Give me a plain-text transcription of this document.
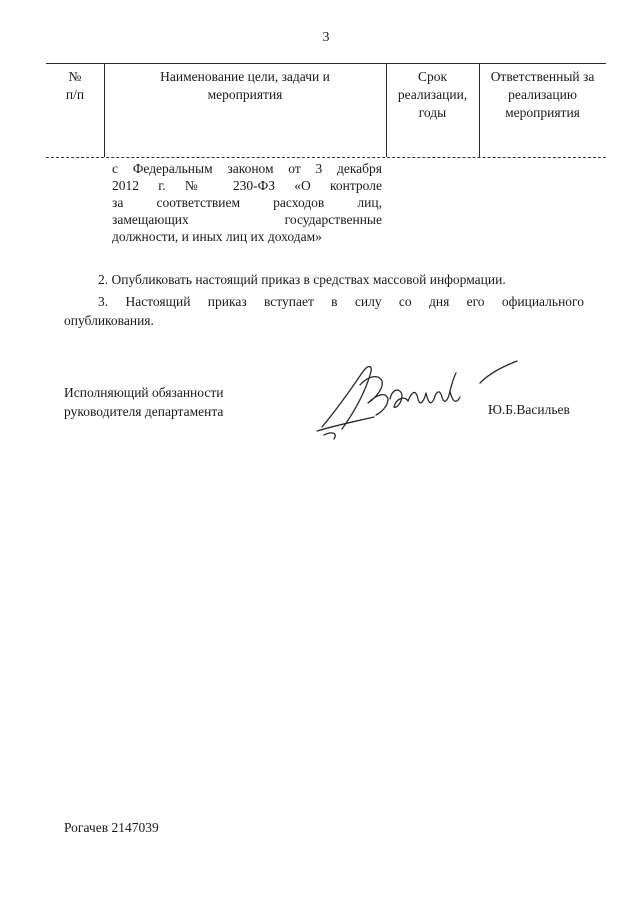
3
№
п/п
Наименование цели, задачи и
мероприятия
Срок
реализации,
годы
Ответственный за
реализацию
мероприятия
с Федеральным законом от 3 декабря
2012 г. № 230-ФЗ «О контроле
за соответствием расходов лиц,
замещающих государственные
должности, и иных лиц их доходам»
2. Опубликовать настоящий приказ в средствах массовой информации.
3. Настоящий приказ вступает в силу со дня его официального
опубликования.
Исполняющий обязанности
руководителя департамента	Ю.Б.Васильев
Рогачев 2147039
